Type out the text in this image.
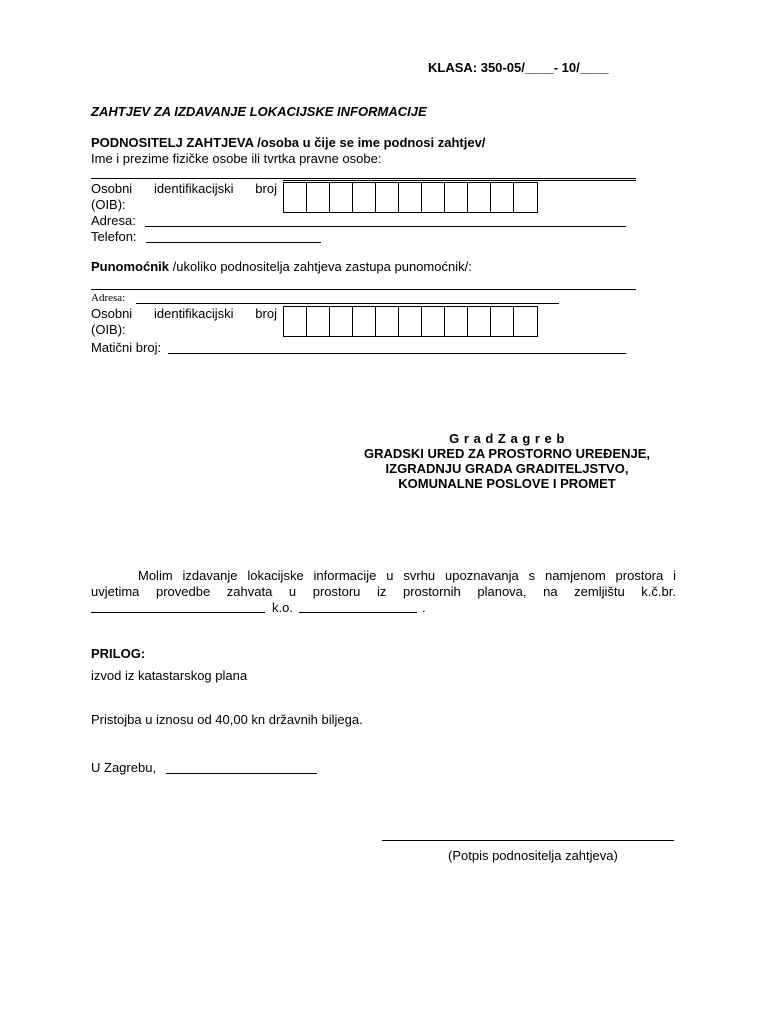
KLASA: 350-05/____- 10/____
ZAHTJEV ZA IZDAVANJE LOKACIJSKE INFORMACIJE
PODNOSITELJ ZAHTJEVA /osoba u čije se ime podnosi zahtjev/
Ime i prezime fizičke osobe ili tvrtka pravne osobe:
Osobni identifikacijski broj
(OIB):
Adresa:
Telefon:
Punomoćnik /ukoliko podnositelja zahtjeva zastupa punomoćnik/:
Adresa:
Osobni identifikacijski broj
(OIB):
Matični broj:
G r a d Z a g r e b
GRADSKI URED ZA PROSTORNO UREĐENJE,
IZGRADNJU GRADA GRADITELJSTVO,
KOMUNALNE POSLOVE I PROMET
Molim izdavanje lokacijske informacije u svrhu upoznavanja s namjenom prostora i
uvjetima provedbe zahvata u prostoru iz prostornih planova, na zemljištu k.č.br.
k.o.	.
PRILOG:
izvod iz katastarskog plana
Pristojba u iznosu od 40,00 kn državnih biljega.
U Zagrebu,
(Potpis podnositelja zahtjeva)
